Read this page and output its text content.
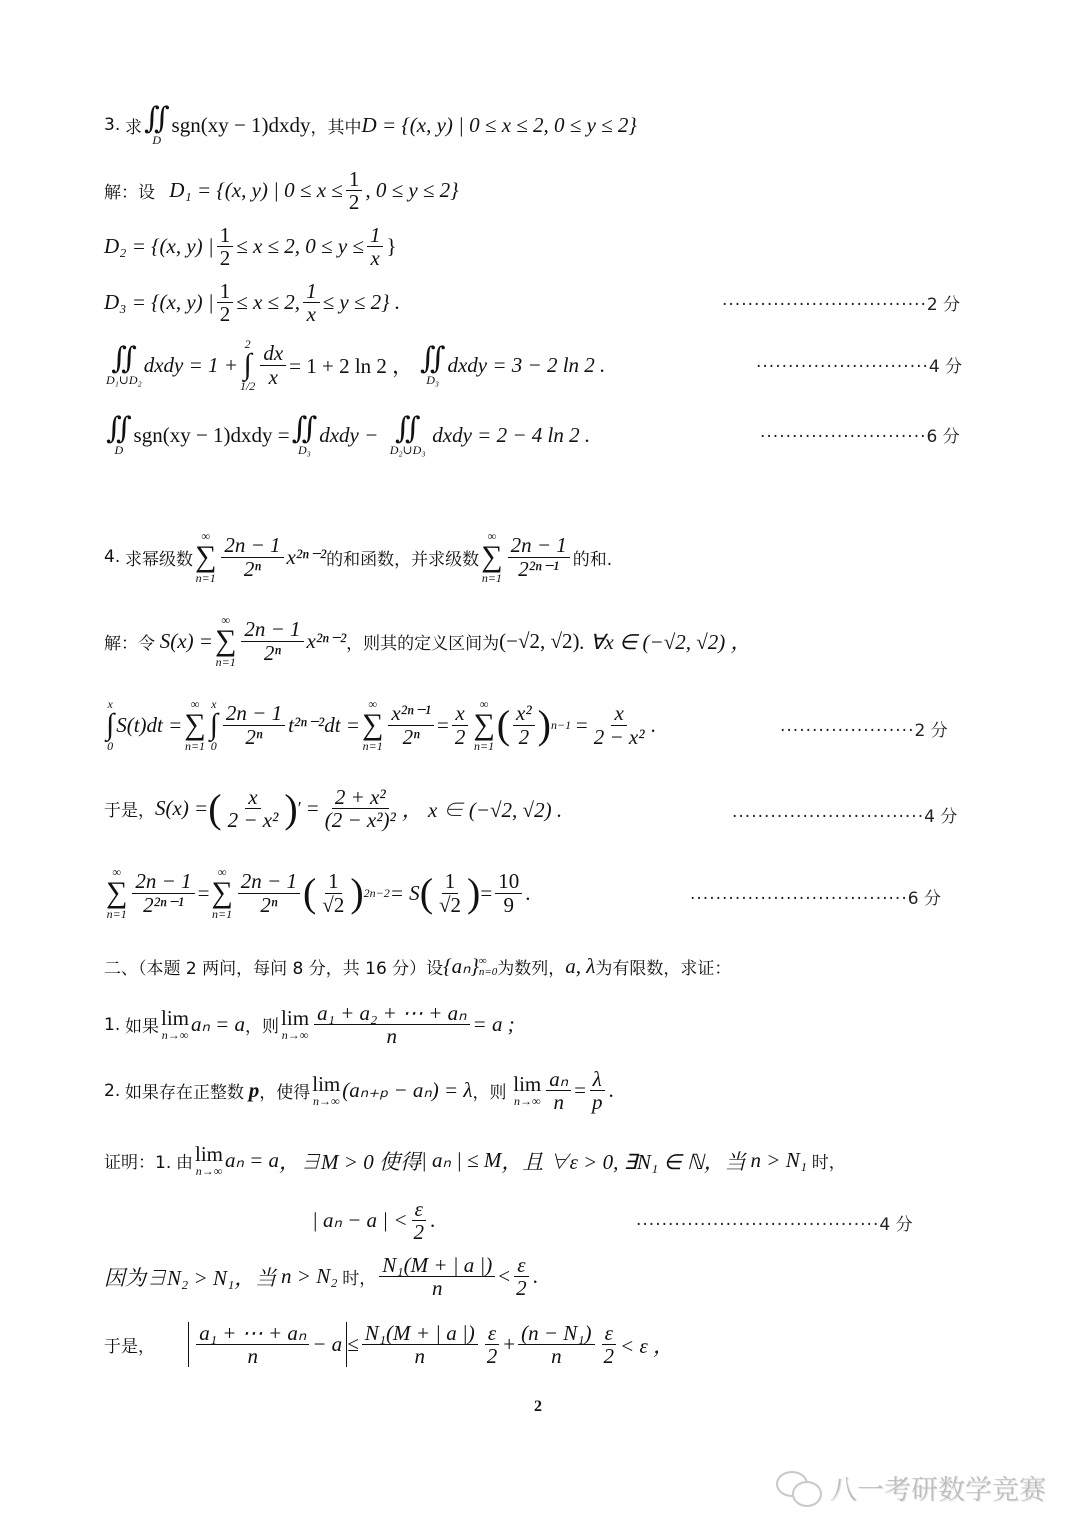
3.
求 ∬
D
sgn(xy − 1)dxdy ，其中 D = {(x, y) | 0 ≤ x ≤ 2, 0 ≤ y ≤ 2}
解：设
D₁ = {(x, y) | $0 \le x \le \frac{1}{2}$ , 0 ≤ y ≤ 2}
D₂ = {(x, y) | $\frac{1}{2} \le x \le 2$, $0 \le y \le \frac{1}{x}$ }
D₃ = {(x, y) | $\frac{1}{2} \le x \le 2$, $\frac{1}{x} \le y \le 2$} .	································2 分
∬
D₁∪D₂
dxdy = 1 +
2
∫
$1/2 \frac{dx}{x} = 1 + 2$ ln 2 ，
∬
D₃
dxdy = 3 − 2 ln 2 .	···························4 分
∬
D
sgn(xy − 1)dxdy = ∬
D₃
dxdy −
∬
D₂∪D₃

dxdy = 2 − 4 ln 2 .	··························6 分
4.
求幂级数
∞
∑
$n=1 \frac{2n - 1}{\text{2ⁿ}} x^{2n-2}$ 的和函数，并求级数
∞
∑
$n=1 \frac{2n - 1}{\text{2²ⁿ⁻¹}}$ 的和.
解：令
S(x) =
∞
∑
$n=1 \frac{2n - 1}{\text{2ⁿ}} x^{2n-2}$ ，则其的定义区间为 (−√2, √2) . ∀x ∈ (−√2, √2) ，
x
∫
0
S(t)dt =
∞
∑
n=1
x
∫
$0 \frac{2n - 1}{\text{2ⁿ}} t^{2n-2}dt$ =
∞
∑
$n=1 \frac{\text{x²ⁿ⁻¹}}{\text{2ⁿ}} = \frac{x}{2}$ ∞
∑
n=1 ( $\frac{\text{x²}}{2}$ ) n−1
= $\frac{x}{\text{2 − x²}}$ .	·····················2 分
于是， S(x) = ( $\frac{x}{\text{2 − x²}}$ ) ′ = $\frac{\text{2 + x²}}{\text{(2 − x²)²}}$ ， x ∈ (−√2, √2) .	······························4 分
∞
∑
$n=1 \frac{2n - 1}{\text{2²ⁿ⁻¹}}$ =
∞
∑
$n=1 \frac{2n - 1}{\text{2ⁿ}}$ ( $\frac{1}{√2}$ ) 2n−2 = S ( $\frac{1}{√2}$ ) = $\frac{10}{9}$ .	··································6 分
二、（本题 2 两问，每问 8 分，共 16 分）设 {aₙ} ∞
n=0 为数列， a, λ 为有限数，求证：
1.
如果 lim
n→∞ aₙ = a ，则 lim
$n\to\infty \frac{\text{a₁ + a₂ + ⋯ + aₙ}}{n} = a$ ;
2.
如果存在正整数
p ，使得 lim
n→∞ (aₙ₊ₚ − aₙ) = λ ，则
lim
$n\to\infty \frac{\text{aₙ}}{n} = \frac{\lambda}{p}$ .
证明：1.
由 lim
n→∞ aₙ = a ，∃M > 0 使得 | aₙ | ≤ M ，且 ∀ε > 0, ∃N₁ ∈ ℕ，当
n > N₁
时，
| aₙ − a | < $\frac{\varepsilon}{2}$ .	······································4 分
因为∃N₂ > N₁，当
n > N₂
时， $\frac{\text{N₁(M + | a |)}}{n} < \frac{\varepsilon}{2}$ .
于是，
$\frac{\text{a₁ + ⋯ + aₙ}}{n} - a \le \frac{\text{N₁(M + | a |)}}{n} \frac{\varepsilon}{2} + \frac{\text{(n − N₁)}}{n} \frac{\varepsilon}{2} < \varepsilon$ ，
2
八一考研数学竞赛
